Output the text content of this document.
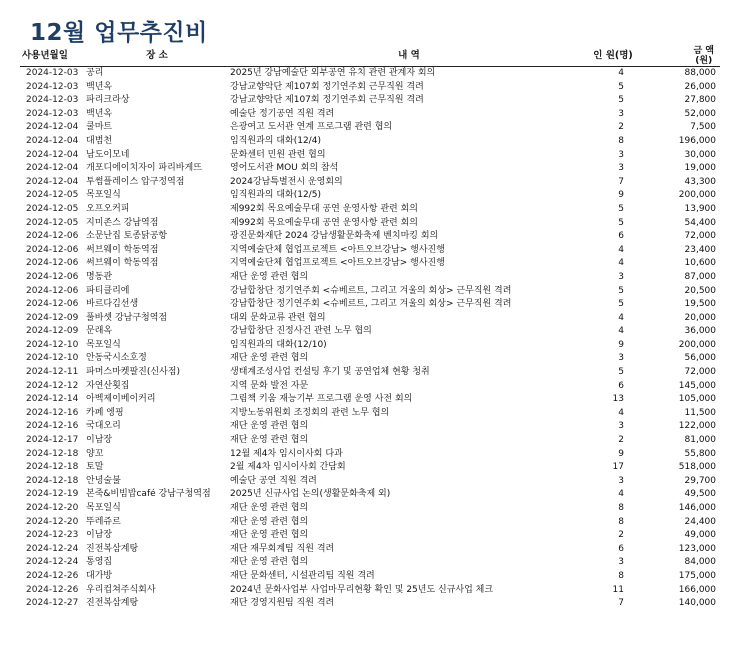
12월 업무추진비
사용년월일	장 소	내 역	인 원(명)	금 액
(원)
2024-12-03	공리	2025년 강남예술단 외부공연 유치 관련 관계자 회의	4	88,000
2024-12-03	백년옥	강남교향악단 제107회 정기연주회 근무직원 격려	5	26,000
2024-12-03	파리크라상	강남교향악단 제107회 정기연주회 근무직원 격려	5	27,800
2024-12-03	백년옥	예술단 정기공연 직원 격려	3	52,000
2024-12-04	쿨마트	은광여고 도서관 연계 프로그램 관련 협의	2	7,500
2024-12-04	대범천	임직원과의 대화(12/4)	8	196,000
2024-12-04	남도이모네	문화센터 민원 관련 협의	3	30,000
2024-12-04	개포디에이치자이 파리바게뜨	영어도서관 MOU 회의 참석	3	19,000
2024-12-04	투썸플레이스 압구정역점	2024강남특별전시 운영회의	7	43,300
2024-12-05	목포일식	임직원과의 대화(12/5)	9	200,000
2024-12-05	오프오커피	제992회 목요예술무대 공연 운영사항 관련 회의	5	13,900
2024-12-05	지미존스 강남역점	제992회 목요예술무대 공연 운영사항 관련 회의	5	54,400
2024-12-06	소문난집 토종닭공항	광진문화재단 2024 강남생활문화축제 벤치마킹 회의	6	72,000
2024-12-06	써브웨이 학동역점	지역예술단체 협업프로젝트 <아트오브강남> 행사진행	4	23,400
2024-12-06	써브웨이 학동역점	지역예술단체 협업프로젝트 <아트오브강남> 행사진행	4	10,600
2024-12-06	명동관	재단 운영 관련 협의	3	87,000
2024-12-06	파티클리에	강남합창단 정기연주회 <슈베르트, 그리고 겨울의 회상> 근무직원 격려	5	20,500
2024-12-06	바르다김선생	강남합창단 정기연주회 <슈베르트, 그리고 겨울의 회상> 근무직원 격려	5	19,500
2024-12-09	풀바셋 강남구청역점	대외 문화교류 관련 협의	4	20,000
2024-12-09	문래옥	강남합창단 진정사건 관련 노무 협의	4	36,000
2024-12-10	목포일식	임직원과의 대화(12/10)	9	200,000
2024-12-10	안동국시소호정	재단 운영 관련 협의	3	56,000
2024-12-11	파머스마켓팔진(신사점)	생태계조성사업 컨설팅 후기 및 공연업체 현황 청취	5	72,000
2024-12-12	자연산횟집	지역 문화 발전 자문	6	145,000
2024-12-14	아벡제이베이커리	그림책 키움 재능기부 프로그램 운영 사전 회의	13	105,000
2024-12-16	카페 엥핑	지방노동위원회 조정회의 관련 노무 협의	4	11,500
2024-12-16	국대오리	재단 운영 관련 협의	3	122,000
2024-12-17	이남장	재단 운영 관련 협의	2	81,000
2024-12-18	양꼬	12월 제4차 임시이사회 다과	9	55,800
2024-12-18	토말	2월 제4차 임시이사회 간담회	17	518,000
2024-12-18	안녕술불	예술단 공연 직원 격려	3	29,700
2024-12-19	본죽&비빔밥café 강남구청역점	2025년 신규사업 논의(생활문화축제 외)	4	49,500
2024-12-20	목포일식	재단 운영 관련 협의	8	146,000
2024-12-20	뚜레쥬르	재단 운영 관련 협의	8	24,400
2024-12-23	이남장	재단 운영 관련 협의	2	49,000
2024-12-24	진전복삼계탕	재단 재무회계팀 직원 격려	6	123,000
2024-12-24	통영집	재단 운영 관련 협의	3	84,000
2024-12-26	대가방	재단 문화센터, 시설관리팀 직원 격려	8	175,000
2024-12-26	우리컵쳐주식회사	2024년 문화사업부 사업마무리현황 확인 및 25년도 신규사업 체크	11	166,000
2024-12-27	진전복삼계탕	재단 경영지원팀 직원 격려	7	140,000
